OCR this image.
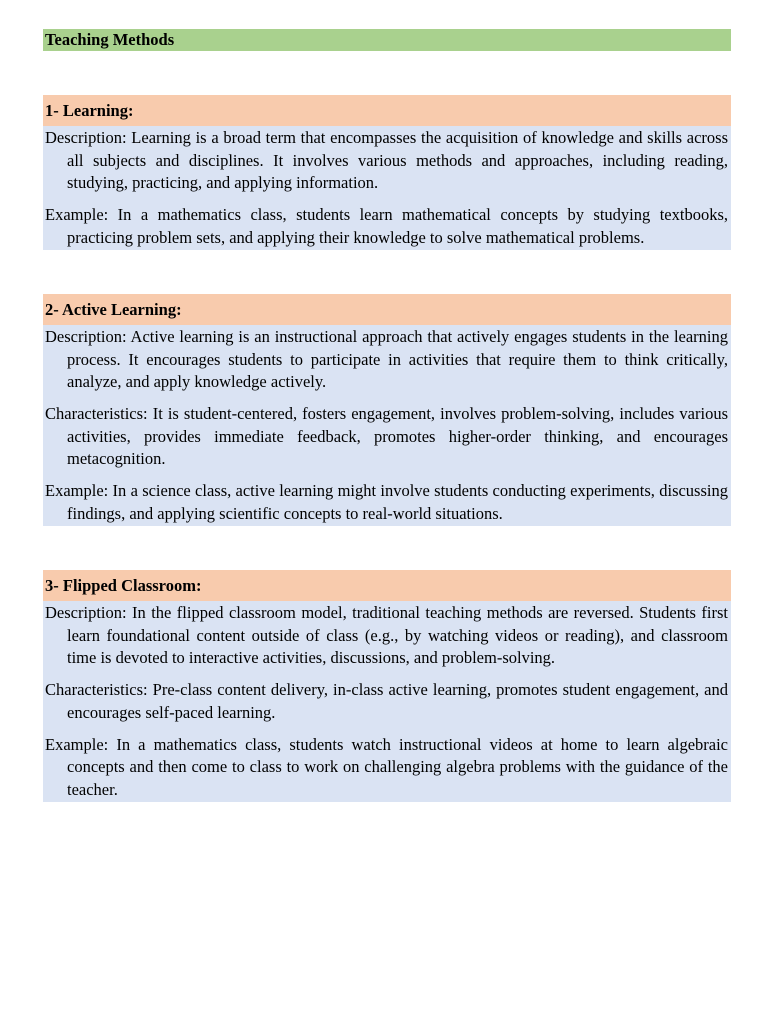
Teaching Methods
1- Learning:

Description: Learning is a broad term that encompasses the acquisition of knowledge and skills across all subjects and disciplines. It involves various methods and approaches, including reading, studying, practicing, and applying information.

Example: In a mathematics class, students learn mathematical concepts by studying textbooks, practicing problem sets, and applying their knowledge to solve mathematical problems.

2- Active Learning:

Description: Active learning is an instructional approach that actively engages students in the learning process. It encourages students to participate in activities that require them to think critically, analyze, and apply knowledge actively.

Characteristics: It is student-centered, fosters engagement, involves problem-solving, includes various activities, provides immediate feedback, promotes higher-order thinking, and encourages metacognition.

Example: In a science class, active learning might involve students conducting experiments, discussing findings, and applying scientific concepts to real-world situations.

3- Flipped Classroom:

Description: In the flipped classroom model, traditional teaching methods are reversed. Students first learn foundational content outside of class (e.g., by watching videos or reading), and classroom time is devoted to interactive activities, discussions, and problem-solving.

Characteristics: Pre-class content delivery, in-class active learning, promotes student engagement, and encourages self-paced learning.

Example: In a mathematics class, students watch instructional videos at home to learn algebraic concepts and then come to class to work on challenging algebra problems with the guidance of the teacher.
